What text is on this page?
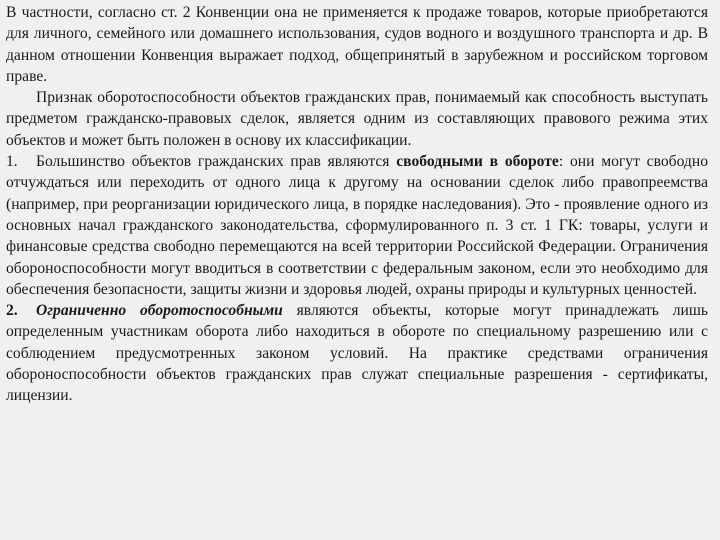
В частности, согласно ст. 2 Конвенции она не применяется к продаже товаров, которые приобретаются для личного, семейного или домашнего использования, судов водного и воздушного транспорта и др. В данном отношении Конвенция выражает подход, общепринятый в зарубежном и российском торговом праве.

Признак оборотоспособности объектов гражданских прав, понимаемый как способность выступать предметом гражданско-правовых сделок, является одним из составляющих правового режима этих объектов и может быть положен в основу их классификации.

1. Большинство объектов гражданских прав являются свободными в обороте: они могут свободно отчуждаться или переходить от одного лица к другому на основании сделок либо правопреемства (например, при реорганизации юридического лица, в порядке наследования). Это - проявление одного из основных начал гражданского законодательства, сформулированного п. 3 ст. 1 ГК: товары, услуги и финансовые средства свободно перемещаются на всей территории Российской Федерации. Ограничения обороноспособности могут вводиться в соответствии с федеральным законом, если это необходимо для обеспечения безопасности, защиты жизни и здоровья людей, охраны природы и культурных ценностей.

2. Ограниченно оборотоспособными являются объекты, которые могут принадлежать лишь определенным участникам оборота либо находиться в обороте по специальному разрешению или с соблюдением предусмотренных законом условий. На практике средствами ограничения обороноспособности объектов гражданских прав служат специальные разрешения - сертификаты, лицензии.
